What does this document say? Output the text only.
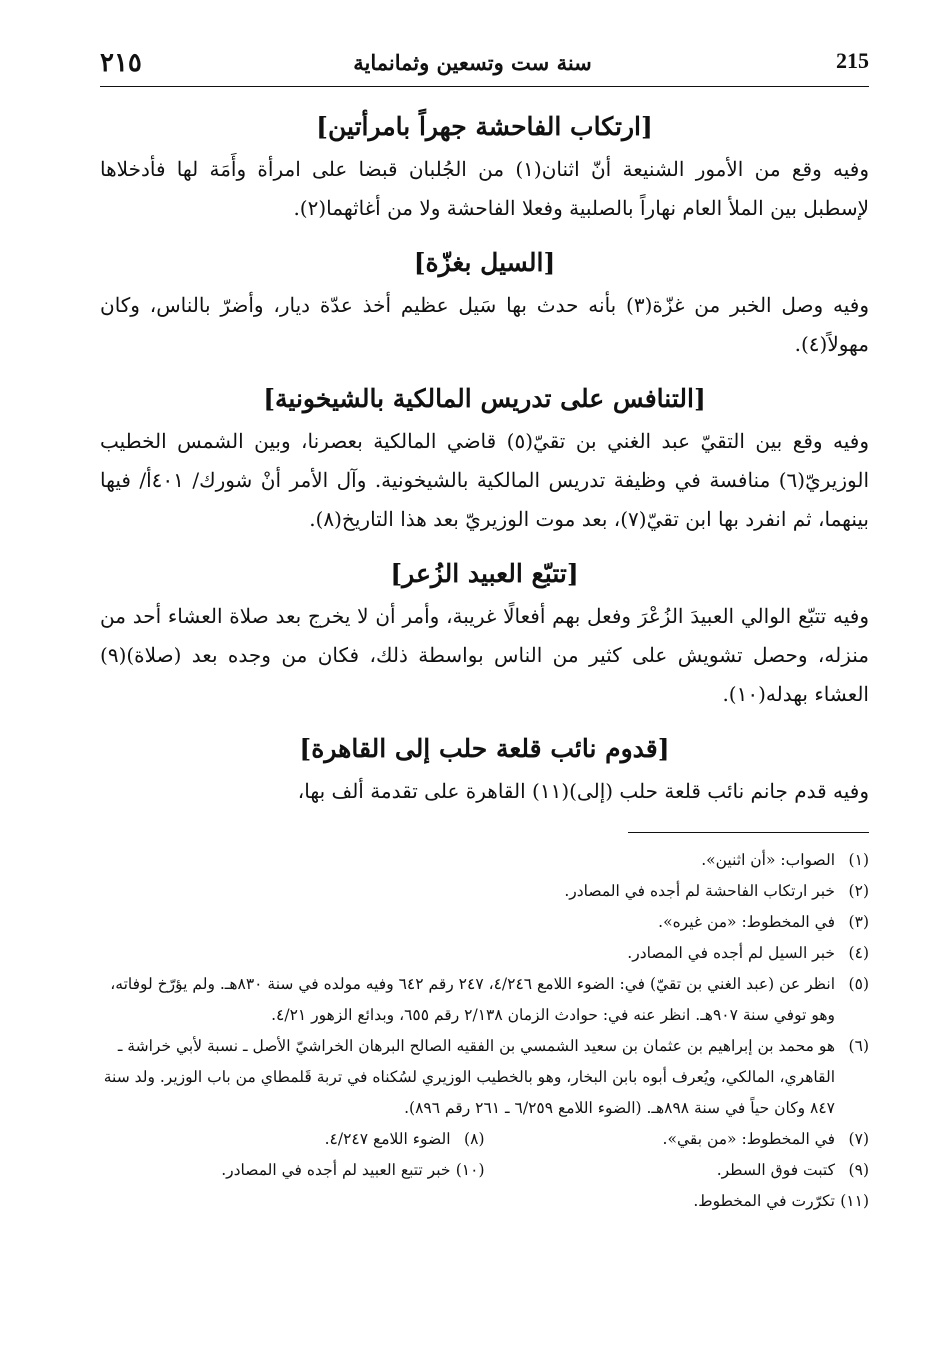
٢١٥	سنة ست وتسعين وثمانماية	215
[ارتكاب الفاحشة جهراً بامرأتين]

وفيه وقع من الأمور الشنيعة أنّ اثنان(١) من الجُلبان قبضا على امرأة وأَمَة لها فأدخلاها لإسطبل بين الملأ العام نهاراً بالصلبية وفعلا الفاحشة ولا من أغاثهما(٢).

[السيل بغزّة]

وفيه وصل الخبر من غزّة(٣) بأنه حدث بها سَيل عظيم أخذ عدّة ديار، وأضرّ بالناس، وكان مهولاً(٤).

[التنافس على تدريس المالكية بالشيخونية]

وفيه وقع بين التقيّ عبد الغني بن تقيّ(٥) قاضي المالكية بعصرنا، وبين الشمس الخطيب الوزيريّ(٦) منافسة في وظيفة تدريس المالكية بالشيخونية. وآل الأمر أنْ شورك/ ٤٠١أ/ فيها بينهما، ثم انفرد بها ابن تقيّ(٧)، بعد موت الوزيريّ بعد هذا التاريخ(٨).

[تتبّع العبيد الزُعر]

وفيه تتبّع الوالي العبيدَ الزُعْرَ وفعل بهم أفعالًا غريبة، وأمر أن لا يخرج بعد صلاة العشاء أحد من منزله، وحصل تشويش على كثير من الناس بواسطة ذلك، فكان من وجده بعد (صلاة)(٩) العشاء بهدله(١٠).

[قدوم نائب قلعة حلب إلى القاهرة]

وفيه قدم جانم نائب قلعة حلب (إلى)(١١) القاهرة على تقدمة ألف بها،

(١)
الصواب: «أن اثنين».
(٢)
خبر ارتكاب الفاحشة لم أجده في المصادر.
(٣)
في المخطوط: «من غيره».
(٤)
خبر السيل لم أجده في المصادر.
(٥)
انظر عن (عبد الغني بن تقيّ) في: الضوء اللامع ٤/٢٤٦، ٢٤٧ رقم ٦٤٢ وفيه مولده في سنة ٨٣٠هـ. ولم يؤرّخ لوفاته، وهو توفي سنة ٩٠٧هـ. انظر عنه في: حوادث الزمان ٢/١٣٨ رقم ٦٥٥، وبدائع الزهور ٤/٢١.
(٦)
هو محمد بن إبراهيم بن عثمان بن سعيد الشمسي بن الفقيه الصالح البرهان الخراشيّ الأصل ـ نسبة لأبي خراشة ـ القاهري، المالكي، ويُعرف أبوه بابن البخار، وهو بالخطيب الوزيري لسُكناه في تربة قَلمطاي من باب الوزير. ولد سنة ٨٤٧ وكان حياً في سنة ٨٩٨هـ. (الضوء اللامع ٦/٢٥٩ ـ ٢٦١ رقم ٨٩٦).
(٧)
في المخطوط: «من بقي».
(٨)
الضوء اللامع ٤/٢٤٧.
(٩)
كتبت فوق السطر.
(١٠)
خبر تتبع العبيد لم أجده في المصادر.
(١١)
تكرّرت في المخطوط.
